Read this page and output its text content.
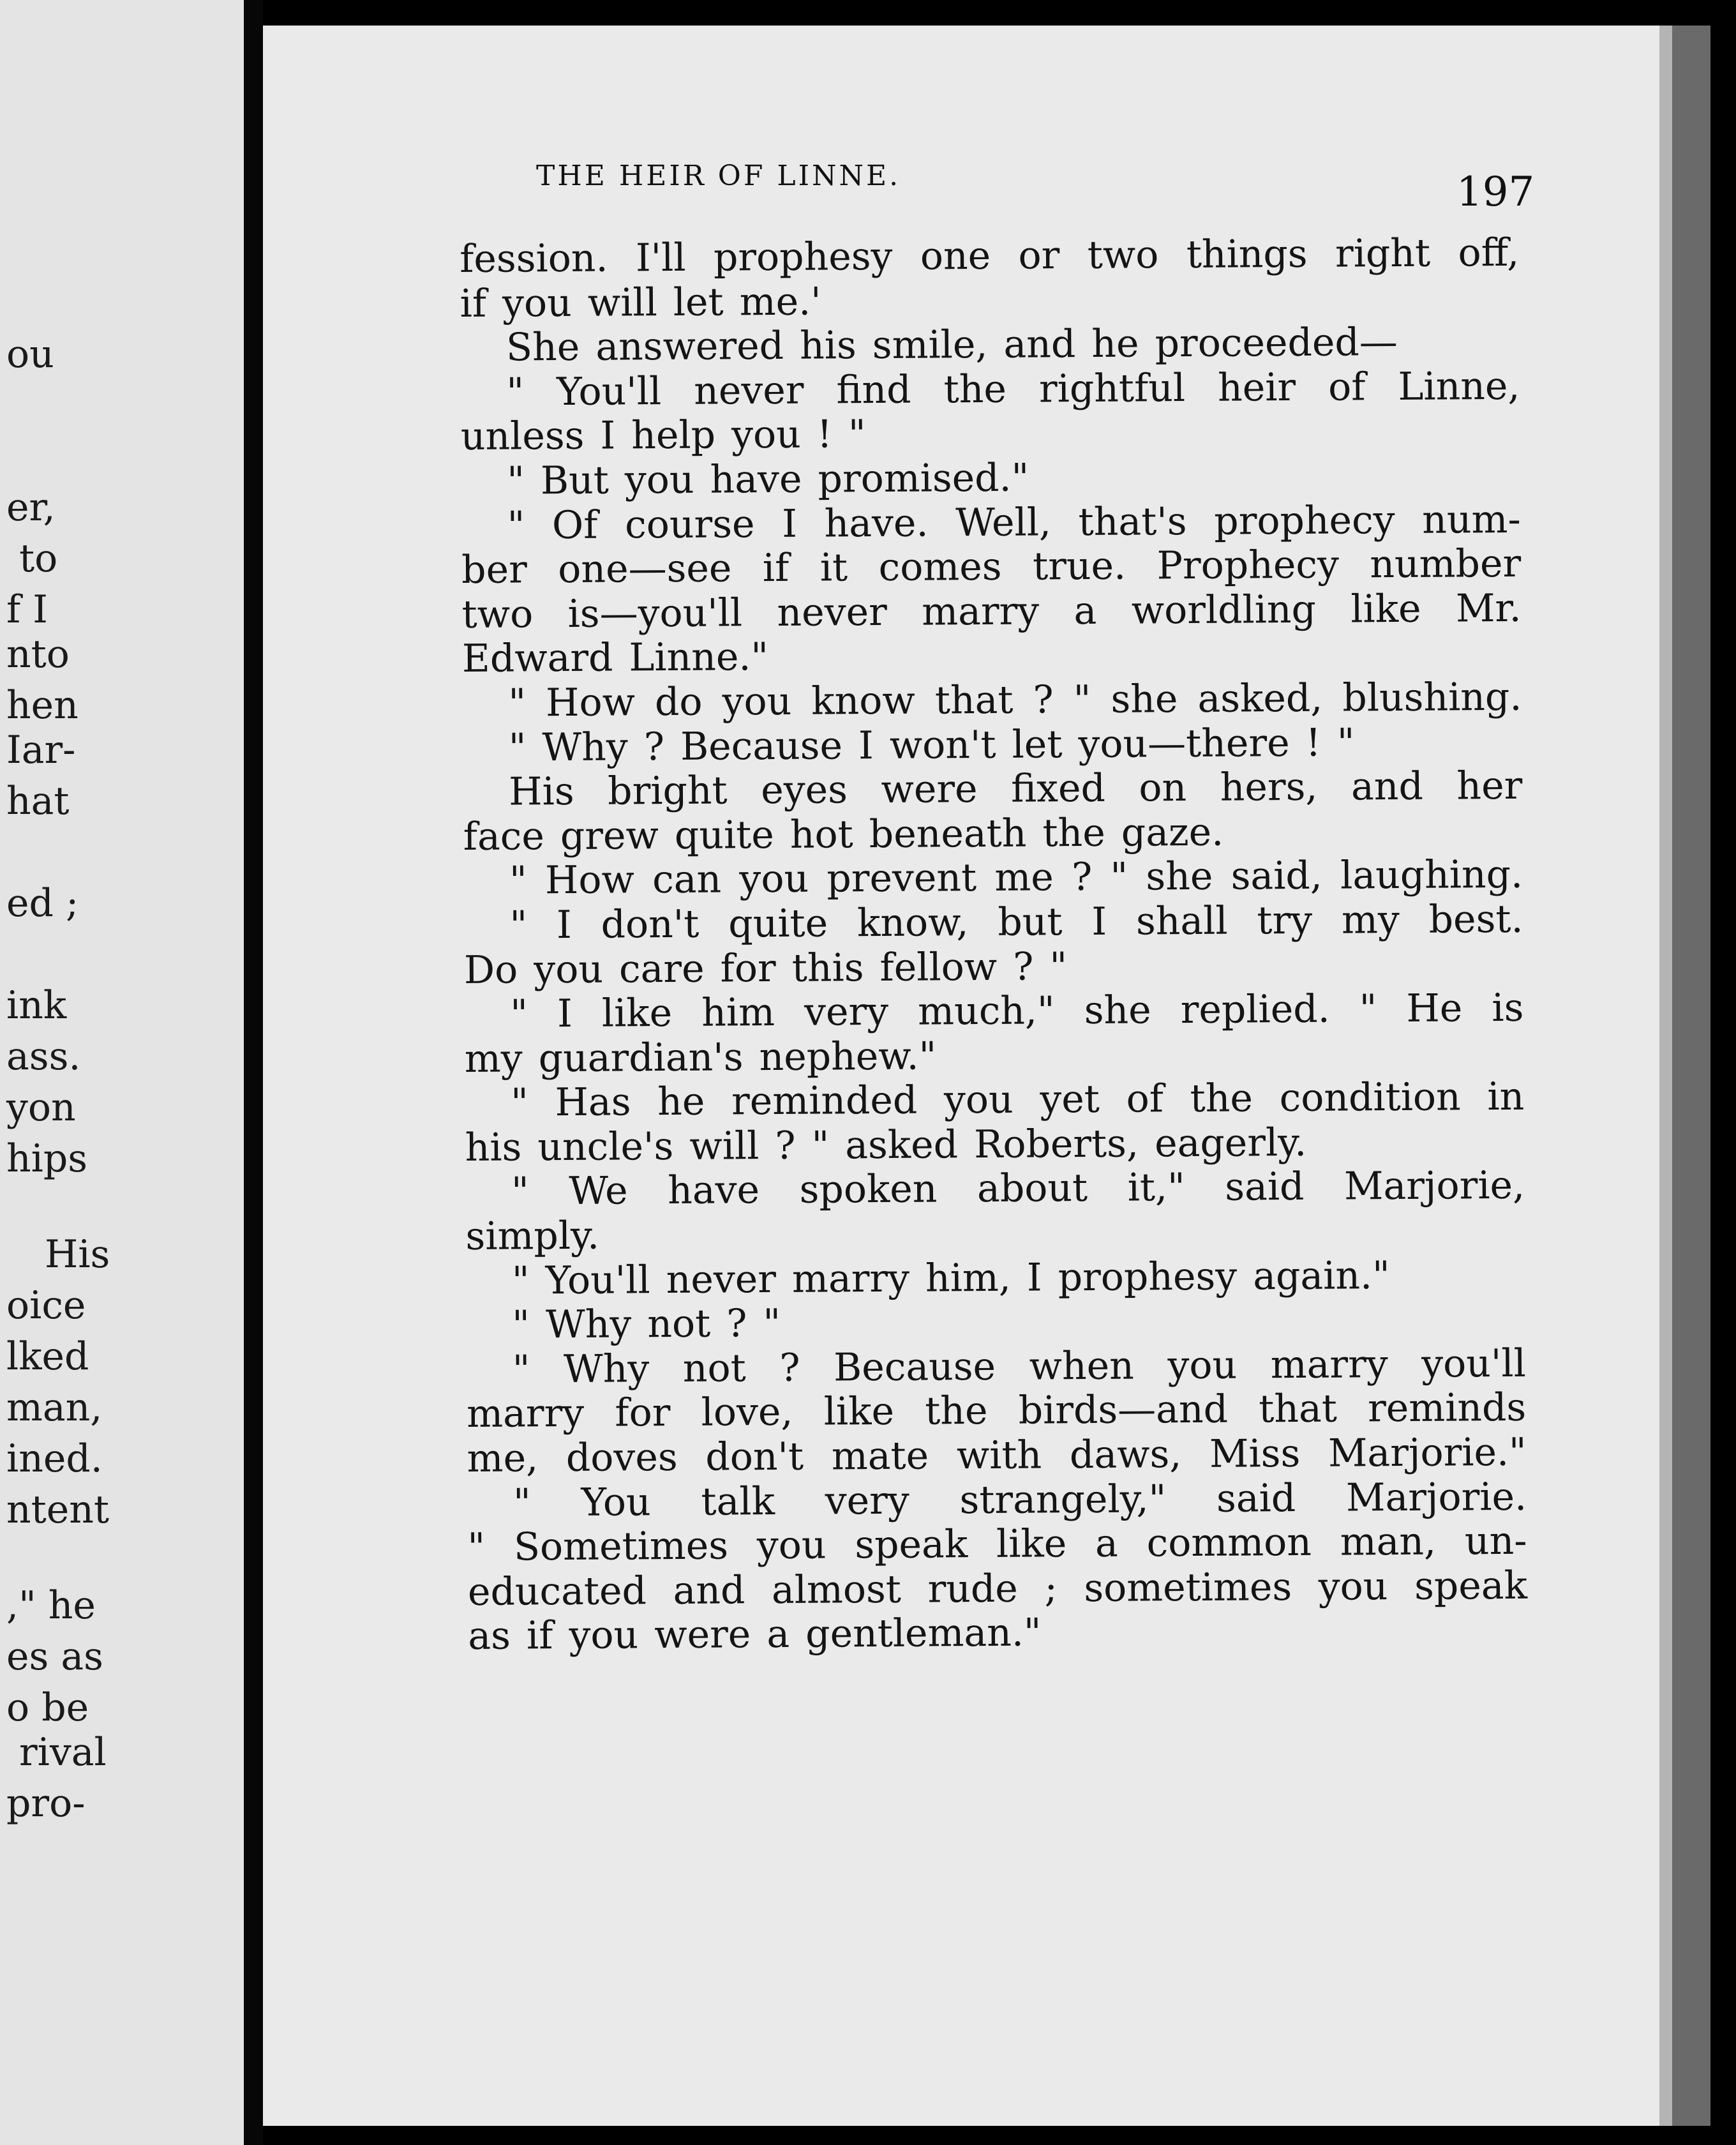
ou
er,
to
f I
nto
hen
Iar-
hat
ed ;
ink
ass.
yon
hips
His
oice
lked
man,
ined.
ntent
," he
es as
o be
rival
pro-
THE HEIR OF LINNE.	197
fession. I'll prophesy one or two things right off,
if you will let me.'
She answered his smile, and he proceeded—
" You'll never find the rightful heir of Linne,
unless I help you ! "
" But you have promised."
" Of course I have. Well, that's prophecy num-
ber one—see if it comes true. Prophecy number
two is—you'll never marry a worldling like Mr.
Edward Linne."
" How do you know that ? " she asked, blushing.
" Why ? Because I won't let you—there ! "
His bright eyes were fixed on hers, and her
face grew quite hot beneath the gaze.
" How can you prevent me ? " she said, laughing.
" I don't quite know, but I shall try my best.
Do you care for this fellow ? "
" I like him very much," she replied. " He is
my guardian's nephew."
" Has he reminded you yet of the condition in
his uncle's will ? " asked Roberts, eagerly.
" We have spoken about it," said Marjorie,
simply.
" You'll never marry him, I prophesy again."
" Why not ? "
" Why not ? Because when you marry you'll
marry for love, like the birds—and that reminds
me, doves don't mate with daws, Miss Marjorie."
" You talk very strangely," said Marjorie.
" Sometimes you speak like a common man, un-
educated and almost rude ; sometimes you speak
as if you were a gentleman."
